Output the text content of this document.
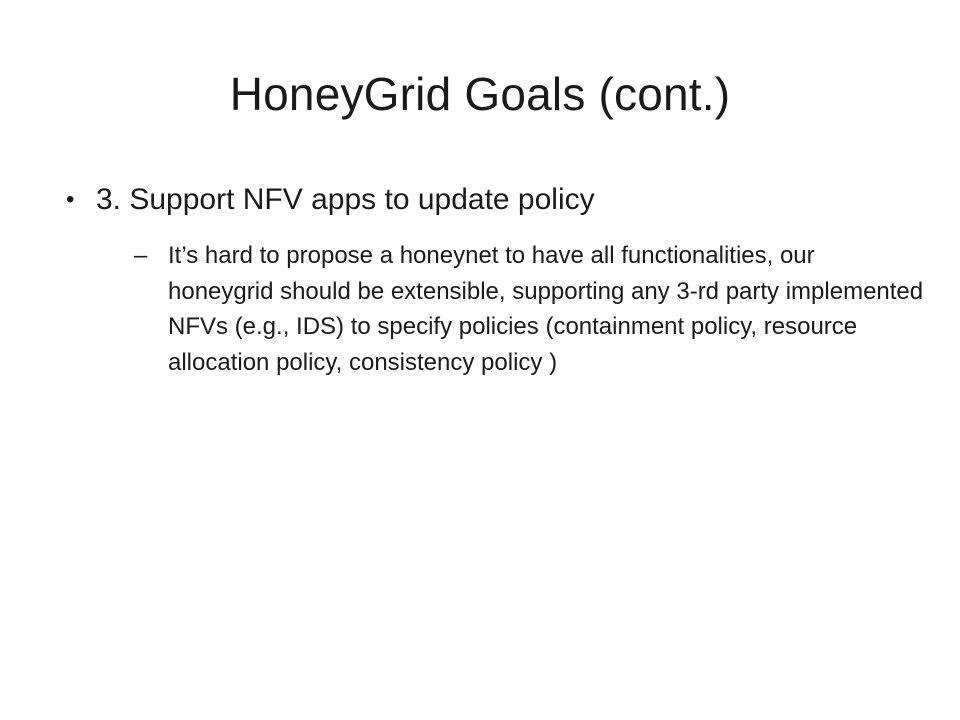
HoneyGrid Goals (cont.)
• 3. Support NFV apps to update policy
– It’s hard to propose a honeynet to have all functionalities, our honeygrid should be extensible, supporting any 3-rd party implemented NFVs (e.g., IDS) to specify policies (containment policy, resource allocation policy, consistency policy )
